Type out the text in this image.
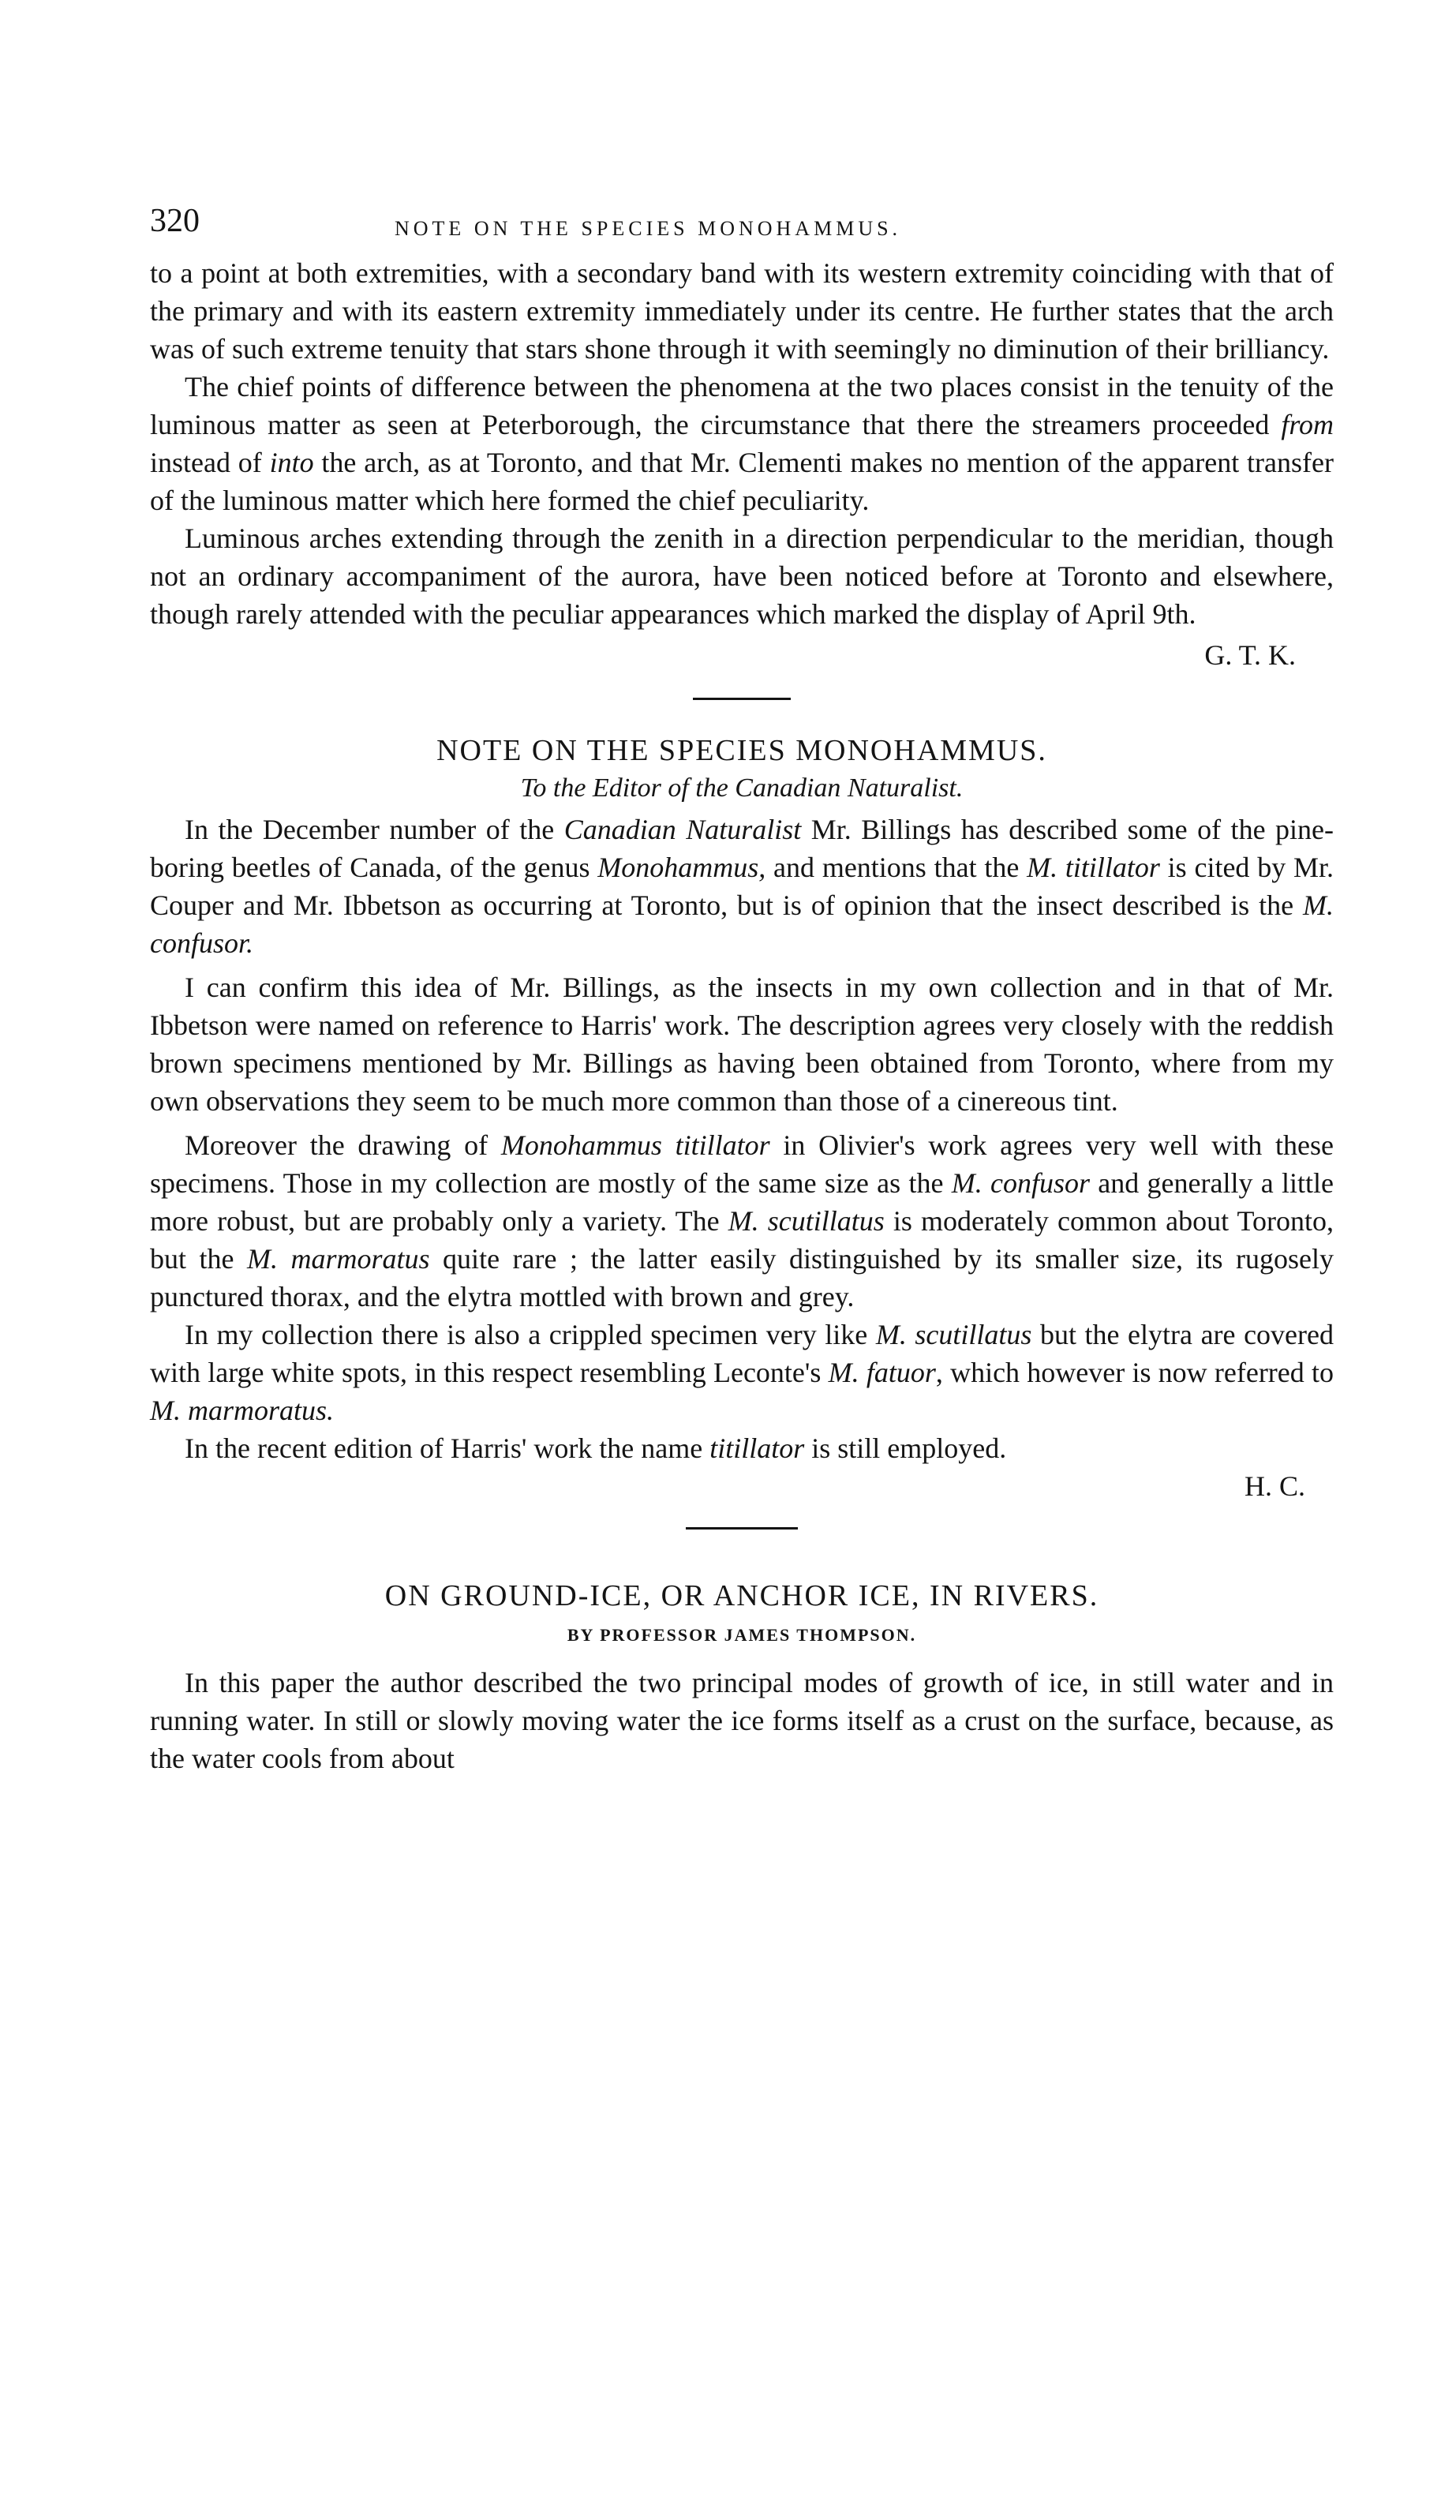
320	NOTE ON THE SPECIES MONOHAMMUS.

to a point at both extremities, with a secondary band with its western extremity coinciding with that of the primary and with its eastern extremity immediately under its centre. He further states that the arch was of such extreme tenuity that stars shone through it with seemingly no diminution of their brilliancy.

The chief points of difference between the phenomena at the two places consist in the tenuity of the luminous matter as seen at Peterborough, the circumstance that there the streamers proceeded from instead of into the arch, as at Toronto, and that Mr. Clementi makes no mention of the apparent transfer of the luminous matter which here formed the chief peculiarity.

Luminous arches extending through the zenith in a direction perpendicular to the meridian, though not an ordinary accompaniment of the aurora, have been noticed before at Toronto and elsewhere, though rarely attended with the peculiar appearances which marked the display of April 9th.

G. T. K.

NOTE ON THE SPECIES MONOHAMMUS.
To the Editor of the Canadian Naturalist.

In the December number of the Canadian Naturalist Mr. Billings has described some of the pine-boring beetles of Canada, of the genus Monohammus, and mentions that the M. titillator is cited by Mr. Couper and Mr. Ibbetson as occurring at Toronto, but is of opinion that the insect described is the M. confusor.

I can confirm this idea of Mr. Billings, as the insects in my own collection and in that of Mr. Ibbetson were named on reference to Harris' work. The description agrees very closely with the reddish brown specimens mentioned by Mr. Billings as having been obtained from Toronto, where from my own observations they seem to be much more common than those of a cinereous tint.

Moreover the drawing of Monohammus titillator in Olivier's work agrees very well with these specimens. Those in my collection are mostly of the same size as the M. confusor and generally a little more robust, but are probably only a variety. The M. scutillatus is moderately common about Toronto, but the M. marmoratus quite rare ; the latter easily distinguished by its smaller size, its rugosely punctured thorax, and the elytra mottled with brown and grey.

In my collection there is also a crippled specimen very like M. scutillatus but the elytra are covered with large white spots, in this respect resembling Leconte's M. fatuor, which however is now referred to M. marmoratus.

In the recent edition of Harris' work the name titillator is still employed.

H. C.

ON GROUND-ICE, OR ANCHOR ICE, IN RIVERS.
BY PROFESSOR JAMES THOMPSON.

In this paper the author described the two principal modes of growth of ice, in still water and in running water. In still or slowly moving water the ice forms itself as a crust on the surface, because, as the water cools from about
